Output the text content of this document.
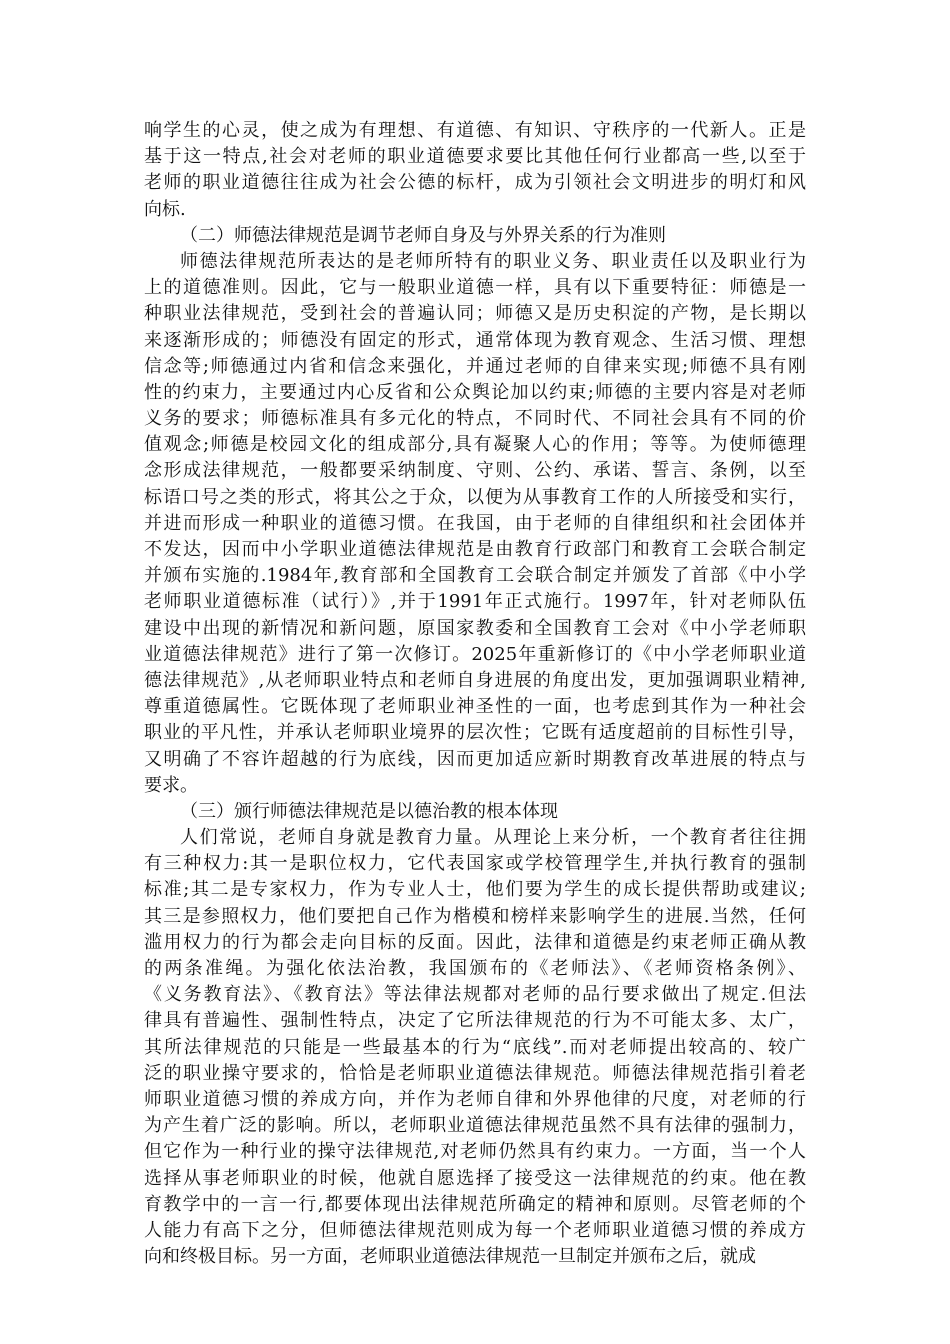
响学生的心灵，使之成为有理想、有道德、有知识、守秩序的一代新人。正是
基于这一特点,社会对老师的职业道德要求要比其他任何行业都高一些,以至于
老师的职业道德往往成为社会公德的标杆，成为引领社会文明进步的明灯和风
向标.
（二）师德法律规范是调节老师自身及与外界关系的行为准则
师德法律规范所表达的是老师所特有的职业义务、职业责任以及职业行为
上的道德准则。因此，它与一般职业道德一样，具有以下重要特征：师德是一
种职业法律规范，受到社会的普遍认同；师德又是历史积淀的产物，是长期以
来逐渐形成的；师德没有固定的形式，通常体现为教育观念、生活习惯、理想
信念等;师德通过内省和信念来强化，并通过老师的自律来实现;师德不具有刚
性的约束力，主要通过内心反省和公众舆论加以约束;师德的主要内容是对老师
义务的要求；师德标准具有多元化的特点，不同时代、不同社会具有不同的价
值观念;师德是校园文化的组成部分,具有凝聚人心的作用；等等。为使师德理
念形成法律规范，一般都要采纳制度、守则、公约、承诺、誓言、条例，以至
标语口号之类的形式，将其公之于众，以便为从事教育工作的人所接受和实行，
并进而形成一种职业的道德习惯。在我国，由于老师的自律组织和社会团体并
不发达，因而中小学职业道德法律规范是由教育行政部门和教育工会联合制定
并颁布实施的.1984年,教育部和全国教育工会联合制定并颁发了首部《中小学
老师职业道德标准（试行）》,并于1991年正式施行。1997年，针对老师队伍
建设中出现的新情况和新问题，原国家教委和全国教育工会对《中小学老师职
业道德法律规范》进行了第一次修订。2025年重新修订的《中小学老师职业道
德法律规范》,从老师职业特点和老师自身进展的角度出发，更加强调职业精神,
尊重道德属性。它既体现了老师职业神圣性的一面，也考虑到其作为一种社会
职业的平凡性，并承认老师职业境界的层次性；它既有适度超前的目标性引导，
又明确了不容许超越的行为底线，因而更加适应新时期教育改革进展的特点与
要求。
（三）颁行师德法律规范是以德治教的根本体现
人们常说，老师自身就是教育力量。从理论上来分析，一个教育者往往拥
有三种权力:其一是职位权力，它代表国家或学校管理学生,并执行教育的强制
标准;其二是专家权力，作为专业人士，他们要为学生的成长提供帮助或建议;
其三是参照权力，他们要把自己作为楷模和榜样来影响学生的进展.当然，任何
滥用权力的行为都会走向目标的反面。因此，法律和道德是约束老师正确从教
的两条准绳。为强化依法治教，我国颁布的《老师法》、《老师资格条例》、
《义务教育法》、《教育法》等法律法规都对老师的品行要求做出了规定.但法
律具有普遍性、强制性特点，决定了它所法律规范的行为不可能太多、太广，
其所法律规范的只能是一些最基本的行为“底线”.而对老师提出较高的、较广
泛的职业操守要求的，恰恰是老师职业道德法律规范。师德法律规范指引着老
师职业道德习惯的养成方向，并作为老师自律和外界他律的尺度，对老师的行
为产生着广泛的影响。所以，老师职业道德法律规范虽然不具有法律的强制力，
但它作为一种行业的操守法律规范,对老师仍然具有约束力。一方面，当一个人
选择从事老师职业的时候，他就自愿选择了接受这一法律规范的约束。他在教
育教学中的一言一行,都要体现出法律规范所确定的精神和原则。尽管老师的个
人能力有高下之分，但师德法律规范则成为每一个老师职业道德习惯的养成方
向和终极目标。另一方面，老师职业道德法律规范一旦制定并颁布之后，就成
